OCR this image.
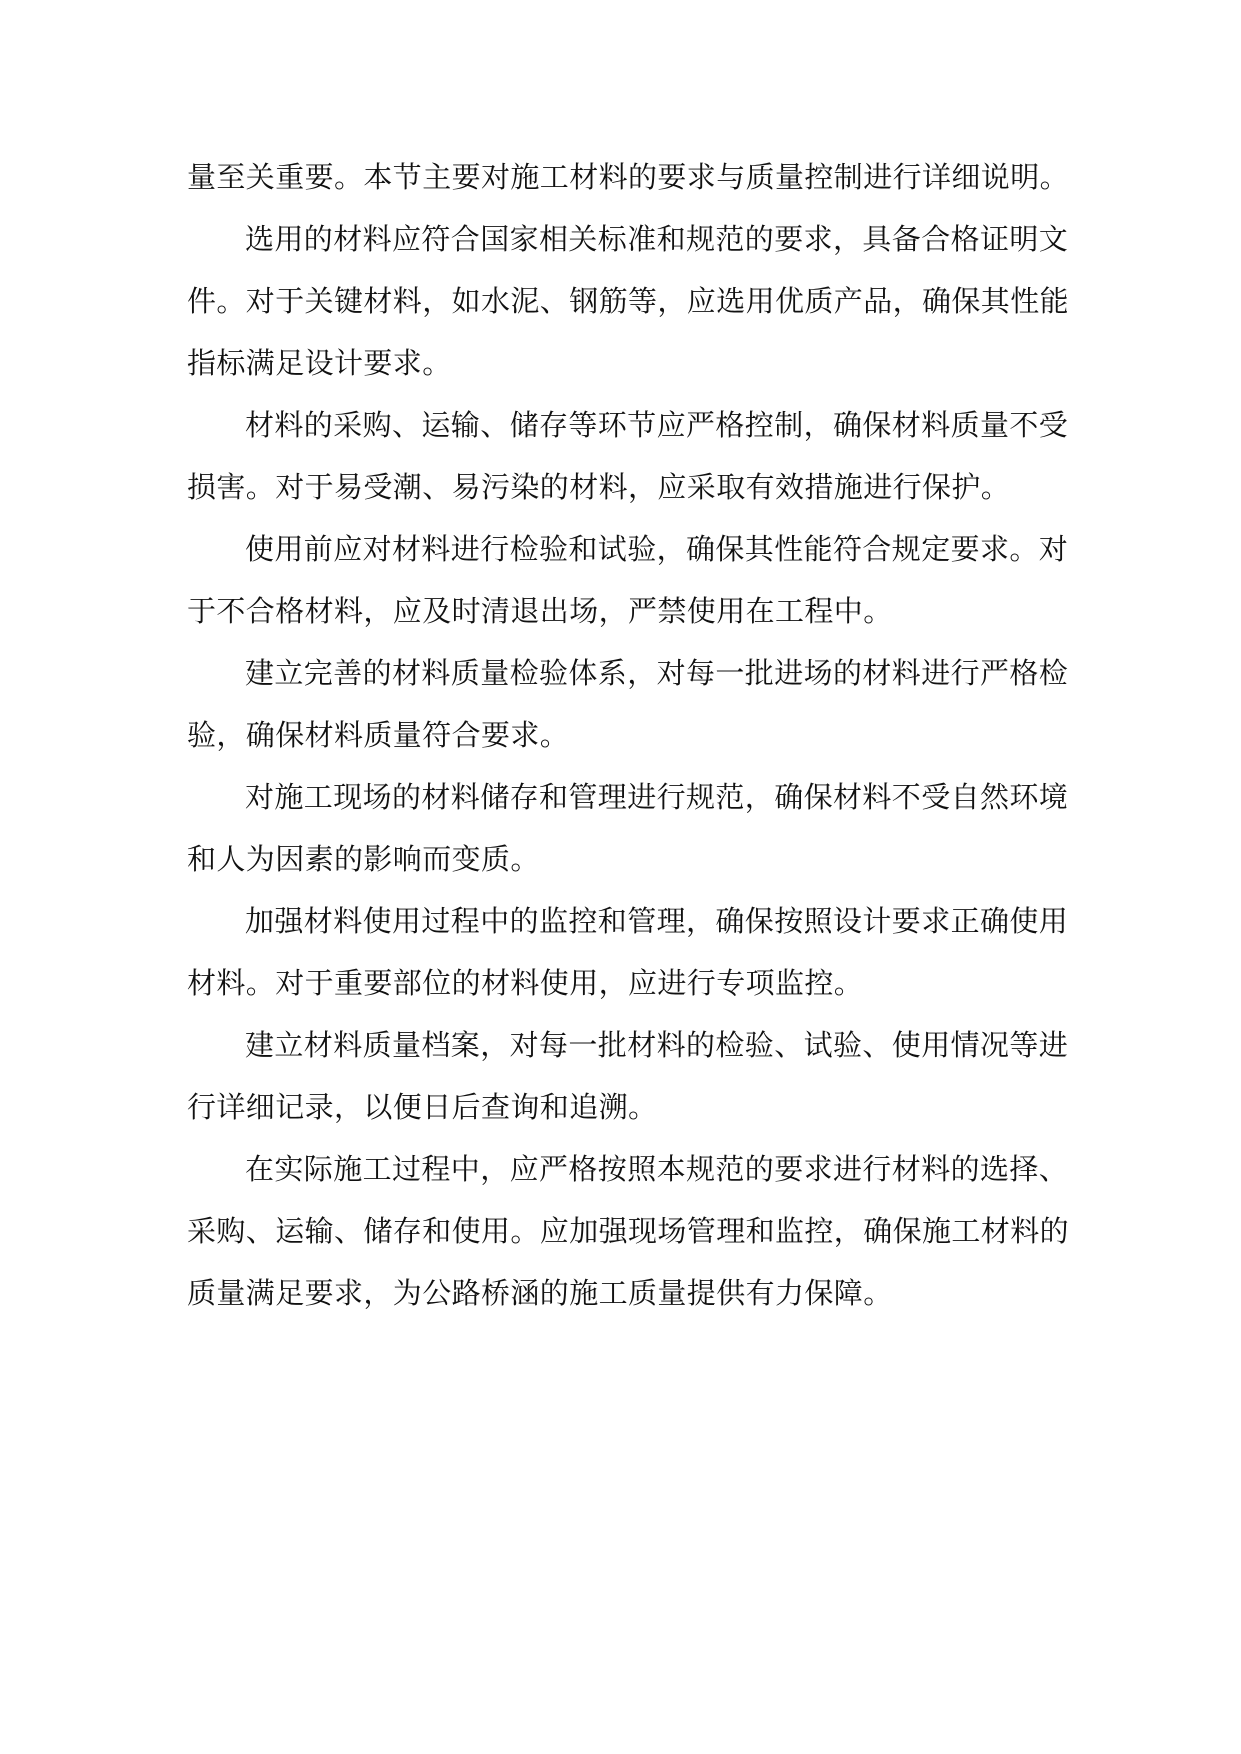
量至关重要。本节主要对施工材料的要求与质量控制进行详细说明。
选用的材料应符合国家相关标准和规范的要求，具备合格证明文
件。对于关键材料，如水泥、钢筋等，应选用优质产品，确保其性能
指标满足设计要求。
材料的采购、运输、储存等环节应严格控制，确保材料质量不受
损害。对于易受潮、易污染的材料，应采取有效措施进行保护。
使用前应对材料进行检验和试验，确保其性能符合规定要求。对
于不合格材料，应及时清退出场，严禁使用在工程中。
建立完善的材料质量检验体系，对每一批进场的材料进行严格检
验，确保材料质量符合要求。
对施工现场的材料储存和管理进行规范，确保材料不受自然环境
和人为因素的影响而变质。
加强材料使用过程中的监控和管理，确保按照设计要求正确使用
材料。对于重要部位的材料使用，应进行专项监控。
建立材料质量档案，对每一批材料的检验、试验、使用情况等进
行详细记录，以便日后查询和追溯。
在实际施工过程中，应严格按照本规范的要求进行材料的选择、
采购、运输、储存和使用。应加强现场管理和监控，确保施工材料的
质量满足要求，为公路桥涵的施工质量提供有力保障。
